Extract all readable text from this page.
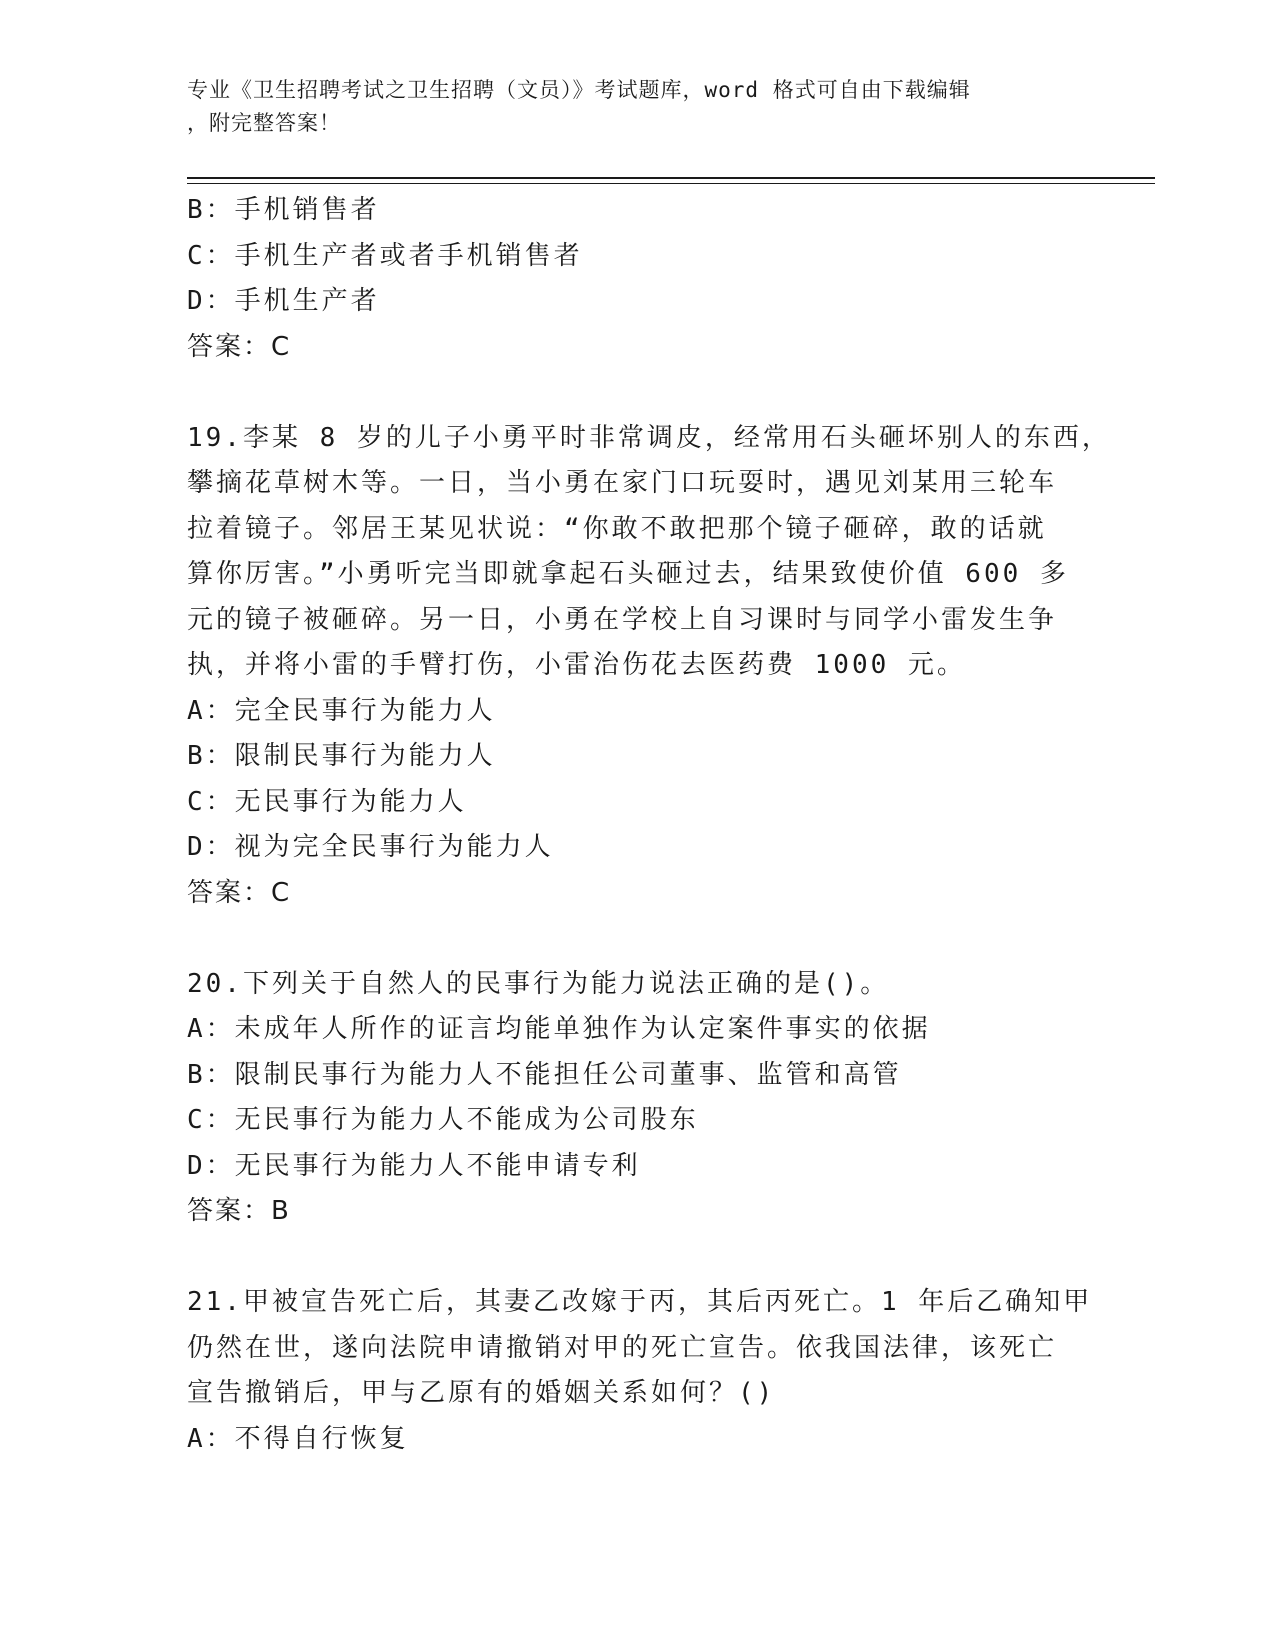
专业《卫生招聘考试之卫生招聘（文员）》考试题库，word 格式可自由下载编辑
，附完整答案！
B：手机销售者
C：手机生产者或者手机销售者
D：手机生产者
答案：C
19.李某 8 岁的儿子小勇平时非常调皮，经常用石头砸坏别人的东西，
攀摘花草树木等。一日，当小勇在家门口玩耍时，遇见刘某用三轮车
拉着镜子。邻居王某见状说：“你敢不敢把那个镜子砸碎，敢的话就
算你厉害。”小勇听完当即就拿起石头砸过去，结果致使价值 600 多
元的镜子被砸碎。另一日，小勇在学校上自习课时与同学小雷发生争
执，并将小雷的手臂打伤，小雷治伤花去医药费 1000 元。
A：完全民事行为能力人
B：限制民事行为能力人
C：无民事行为能力人
D：视为完全民事行为能力人
答案：C
20.下列关于自然人的民事行为能力说法正确的是()。
A：未成年人所作的证言均能单独作为认定案件事实的依据
B：限制民事行为能力人不能担任公司董事、监管和高管
C：无民事行为能力人不能成为公司股东
D：无民事行为能力人不能申请专利
答案：B
21.甲被宣告死亡后，其妻乙改嫁于丙，其后丙死亡。1 年后乙确知甲
仍然在世，遂向法院申请撤销对甲的死亡宣告。依我国法律，该死亡
宣告撤销后，甲与乙原有的婚姻关系如何？()
A：不得自行恢复
